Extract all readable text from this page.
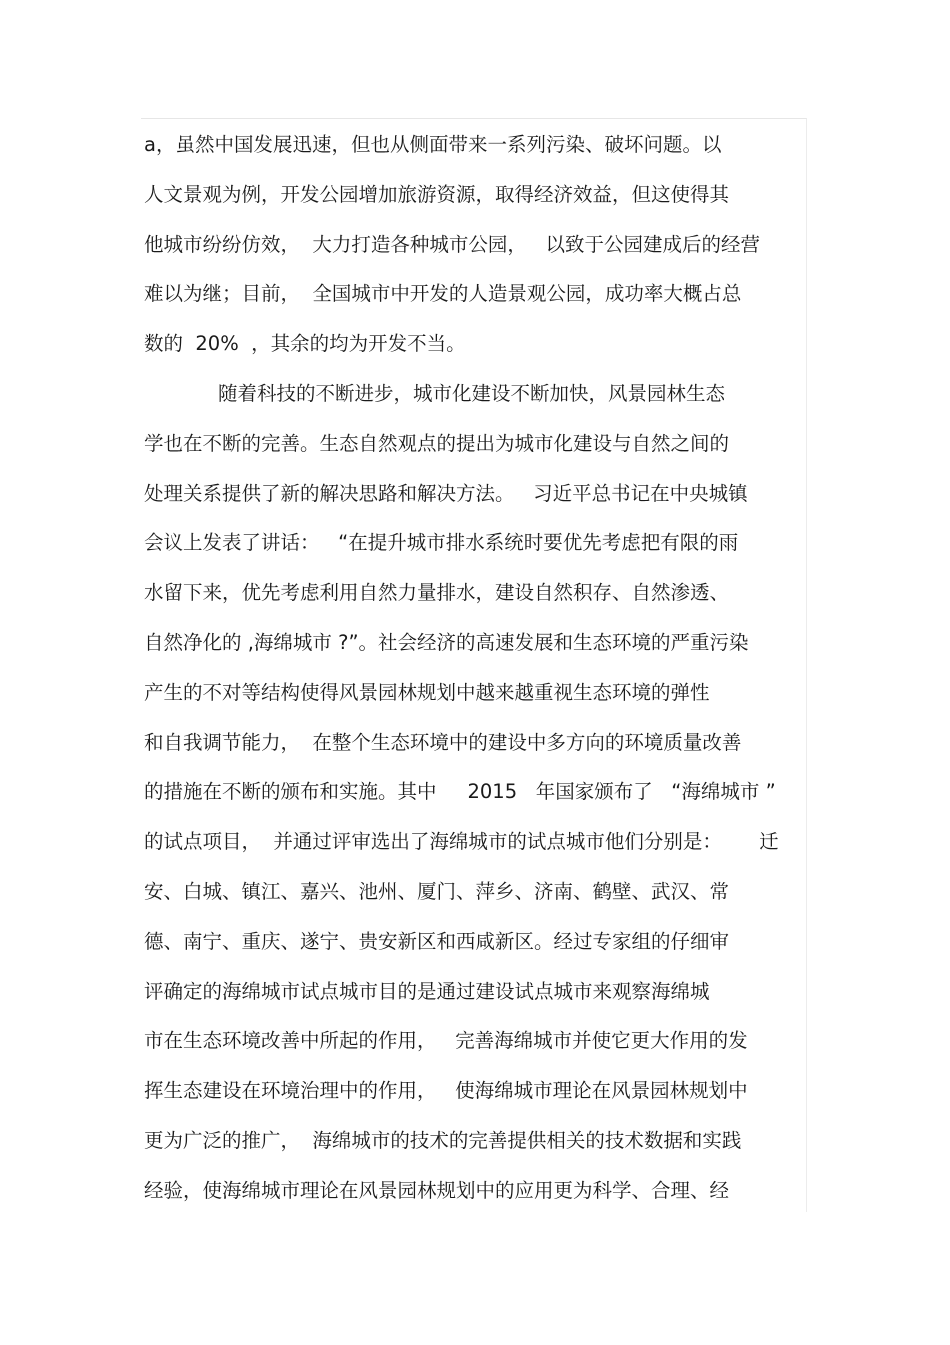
a，虽然中国发展迅速，但也从侧面带来一系列污染、破坏问题。以
人文景观为例，开发公园增加旅游资源，取得经济效益，但这使得其
他城市纷纷仿效，  大力打造各种城市公园，   以致于公园建成后的经营
难以为继；目前，  全国城市中开发的人造景观公园，成功率大概占总
数的  20%  ，其余的均为开发不当。
随着科技的不断进步，城市化建设不断加快，风景园林生态
学也在不断的完善。生态自然观点的提出为城市化建设与自然之间的
处理关系提供了新的解决思路和解决方法。   习近平总书记在中央城镇
会议上发表了讲话：   “在提升城市排水系统时要优先考虑把有限的雨
水留下来，优先考虑利用自然力量排水，建设自然积存、自然渗透、
自然净化的 ,海绵城市 ?”。社会经济的高速发展和生态环境的严重污染
产生的不对等结构使得风景园林规划中越来越重视生态环境的弹性
和自我调节能力，  在整个生态环境中的建设中多方向的环境质量改善
的措施在不断的颁布和实施。其中     2015   年国家颁布了   “海绵城市 ”
的试点项目，  并通过评审选出了海绵城市的试点城市他们分别是：      迁
安、白城、镇江、嘉兴、池州、厦门、萍乡、济南、鹤壁、武汉、常
德、南宁、重庆、遂宁、贵安新区和西咸新区。经过专家组的仔细审
评确定的海绵城市试点城市目的是通过建设试点城市来观察海绵城
市在生态环境改善中所起的作用，   完善海绵城市并使它更大作用的发
挥生态建设在环境治理中的作用，   使海绵城市理论在风景园林规划中
更为广泛的推广，  海绵城市的技术的完善提供相关的技术数据和实践
经验，使海绵城市理论在风景园林规划中的应用更为科学、合理、经
